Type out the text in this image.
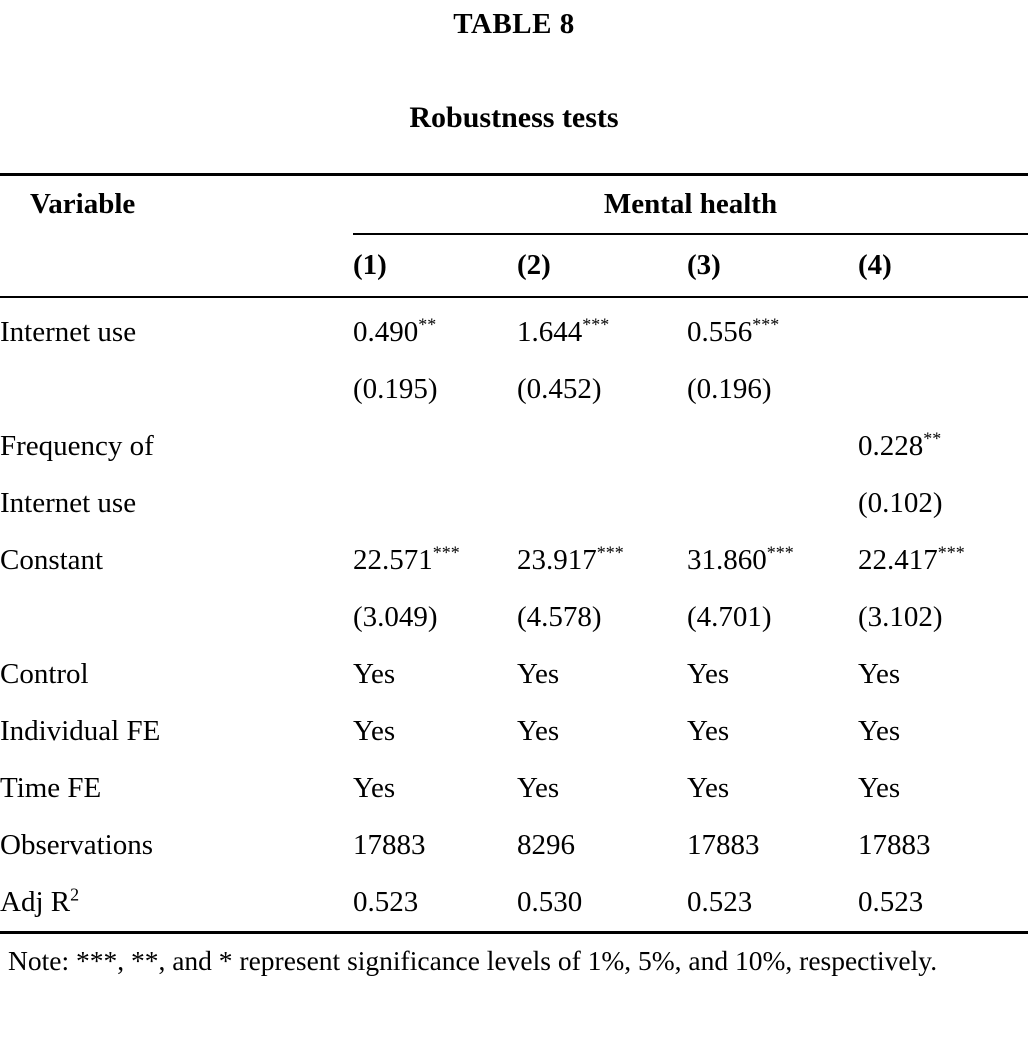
TABLE 8
Robustness tests
Variable	Mental health			
	(1)	(2)	(3)	(4)
Internet use	0.490**	1.644***	0.556***	
	(0.195)	(0.452)	(0.196)	
Frequency of				0.228**
Internet use				(0.102)
Constant	22.571***	23.917***	31.860***	22.417***
	(3.049)	(4.578)	(4.701)	(3.102)
Control	Yes	Yes	Yes	Yes
Individual FE	Yes	Yes	Yes	Yes
Time FE	Yes	Yes	Yes	Yes
Observations	17883	8296	17883	17883
Adj $R^2$	0.523	0.530	0.523	0.523
Note: ***, **, and * represent significance levels of 1%, 5%, and 10%, respectively.
